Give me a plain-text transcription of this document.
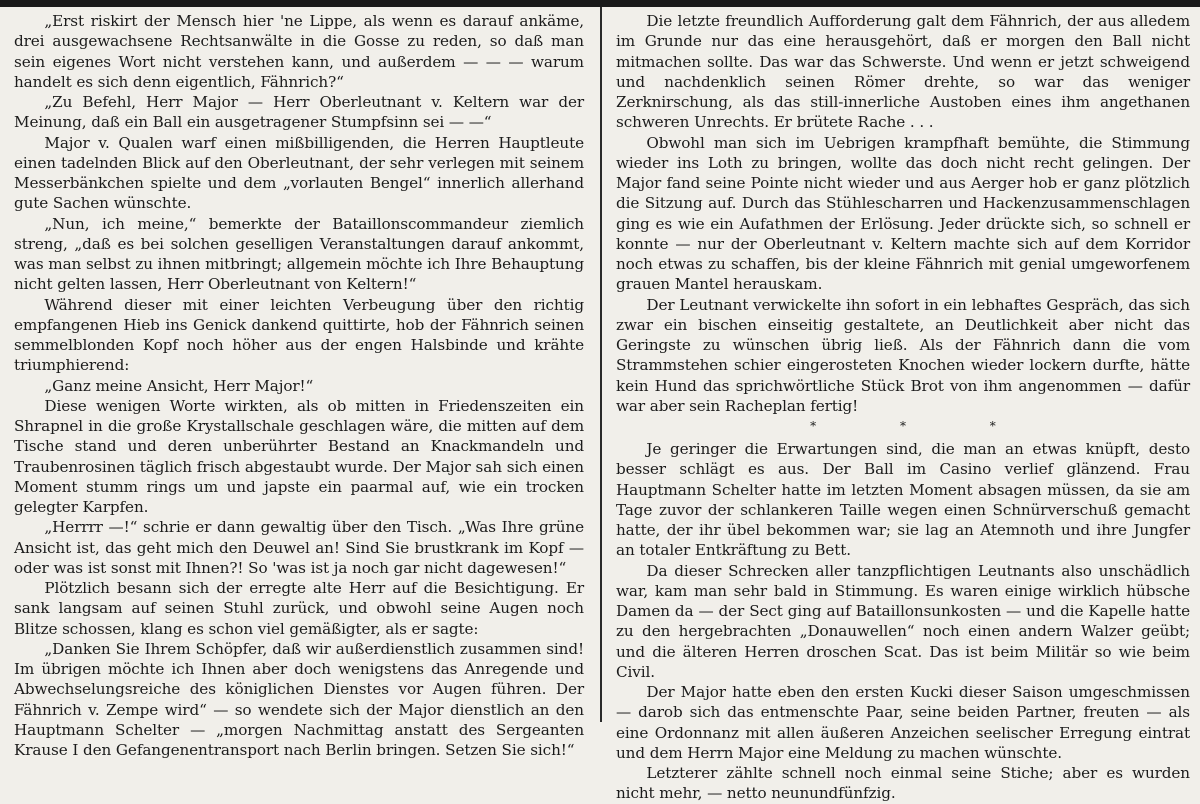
„Erst riskirt der Mensch hier 'ne Lippe, als wenn es darauf ankäme, drei ausgewachsene Rechtsanwälte in die Gosse zu reden, so daß man sein eigenes Wort nicht verstehen kann, und außerdem — — — warum handelt es sich denn eigentlich, Fähnrich?“

„Zu Befehl, Herr Major — Herr Oberleutnant v. Keltern war der Meinung, daß ein Ball ein ausgetragener Stumpfsinn sei — —“

Major v. Qualen warf einen mißbilligenden, die Herren Hauptleute einen tadelnden Blick auf den Oberleutnant, der sehr verlegen mit seinem Messerbänkchen spielte und dem „vorlauten Bengel“ innerlich allerhand gute Sachen wünschte.

„Nun, ich meine,“ bemerkte der Bataillonscommandeur ziemlich streng, „daß es bei solchen geselligen Veranstaltungen darauf ankommt, was man selbst zu ihnen mitbringt; allgemein möchte ich Ihre Behauptung nicht gelten lassen, Herr Oberleutnant von Keltern!“

Während dieser mit einer leichten Verbeugung über den richtig empfangenen Hieb ins Genick dankend quittirte, hob der Fähnrich seinen semmelblonden Kopf noch höher aus der engen Halsbinde und krähte triumphierend:

„Ganz meine Ansicht, Herr Major!“

Diese wenigen Worte wirkten, als ob mitten in Friedenszeiten ein Shrapnel in die große Krystallschale geschlagen wäre, die mitten auf dem Tische stand und deren unberührter Bestand an Knackmandeln und Traubenrosinen täglich frisch abgestaubt wurde. Der Major sah sich einen Moment stumm rings um und japste ein paarmal auf, wie ein trocken gelegter Karpfen.

„Herrrr —!“ schrie er dann gewaltig über den Tisch. „Was Ihre grüne Ansicht ist, das geht mich den Deuwel an! Sind Sie brustkrank im Kopf — oder was ist sonst mit Ihnen?! So 'was ist ja noch gar nicht dagewesen!“

Plötzlich besann sich der erregte alte Herr auf die Besichtigung. Er sank langsam auf seinen Stuhl zurück, und obwohl seine Augen noch Blitze schossen, klang es schon viel gemäßigter, als er sagte:

„Danken Sie Ihrem Schöpfer, daß wir außerdienstlich zusammen sind! Im übrigen möchte ich Ihnen aber doch wenigstens das Anregende und Abwechselungsreiche des königlichen Dienstes vor Augen führen. Der Fähnrich v. Zempe wird“ — so wendete sich der Major dienstlich an den Hauptmann Schelter — „morgen Nachmittag anstatt des Sergeanten Krause I den Gefangenentransport nach Berlin bringen. Setzen Sie sich!“

Die letzte freundlich Aufforderung galt dem Fähnrich, der aus alledem im Grunde nur das eine herausgehört, daß er morgen den Ball nicht mitmachen sollte. Das war das Schwerste. Und wenn er jetzt schweigend und nachdenklich seinen Römer drehte, so war das weniger Zerknirschung, als das still-innerliche Austoben eines ihm angethanen schweren Unrechts. Er brütete Rache . . .

Obwohl man sich im Uebrigen krampfhaft bemühte, die Stimmung wieder ins Loth zu bringen, wollte das doch nicht recht gelingen. Der Major fand seine Pointe nicht wieder und aus Aerger hob er ganz plötzlich die Sitzung auf. Durch das Stühlescharren und Hackenzusammenschlagen ging es wie ein Aufathmen der Erlösung. Jeder drückte sich, so schnell er konnte — nur der Oberleutnant v. Keltern machte sich auf dem Korridor noch etwas zu schaffen, bis der kleine Fähnrich mit genial umgeworfenem grauen Mantel herauskam.

Der Leutnant verwickelte ihn sofort in ein lebhaftes Gespräch, das sich zwar ein bischen einseitig gestaltete, an Deutlichkeit aber nicht das Geringste zu wünschen übrig ließ. Als der Fähnrich dann die vom Strammstehen schier eingerosteten Knochen wieder lockern durfte, hätte kein Hund das sprichwörtliche Stück Brot von ihm angenommen — dafür war aber sein Racheplan fertig!

* * *

Je geringer die Erwartungen sind, die man an etwas knüpft, desto besser schlägt es aus. Der Ball im Casino verlief glänzend. Frau Hauptmann Schelter hatte im letzten Moment absagen müssen, da sie am Tage zuvor der schlankeren Taille wegen einen Schnürverschuß gemacht hatte, der ihr übel bekommen war; sie lag an Atemnoth und ihre Jungfer an totaler Entkräftung zu Bett.

Da dieser Schrecken aller tanzpflichtigen Leutnants also unschädlich war, kam man sehr bald in Stimmung. Es waren einige wirklich hübsche Damen da — der Sect ging auf Bataillonsunkosten — und die Kapelle hatte zu den hergebrachten „Donauwellen“ noch einen andern Walzer geübt; und die älteren Herren droschen Scat. Das ist beim Militär so wie beim Civil.

Der Major hatte eben den ersten Kucki dieser Saison umgeschmissen — darob sich das entmenschte Paar, seine beiden Partner, freuten — als eine Ordonnanz mit allen äußeren Anzeichen seelischer Erregung eintrat und dem Herrn Major eine Meldung zu machen wünschte.

Letzterer zählte schnell noch einmal seine Stiche; aber es wurden nicht mehr, — netto neunundfünfzig.
